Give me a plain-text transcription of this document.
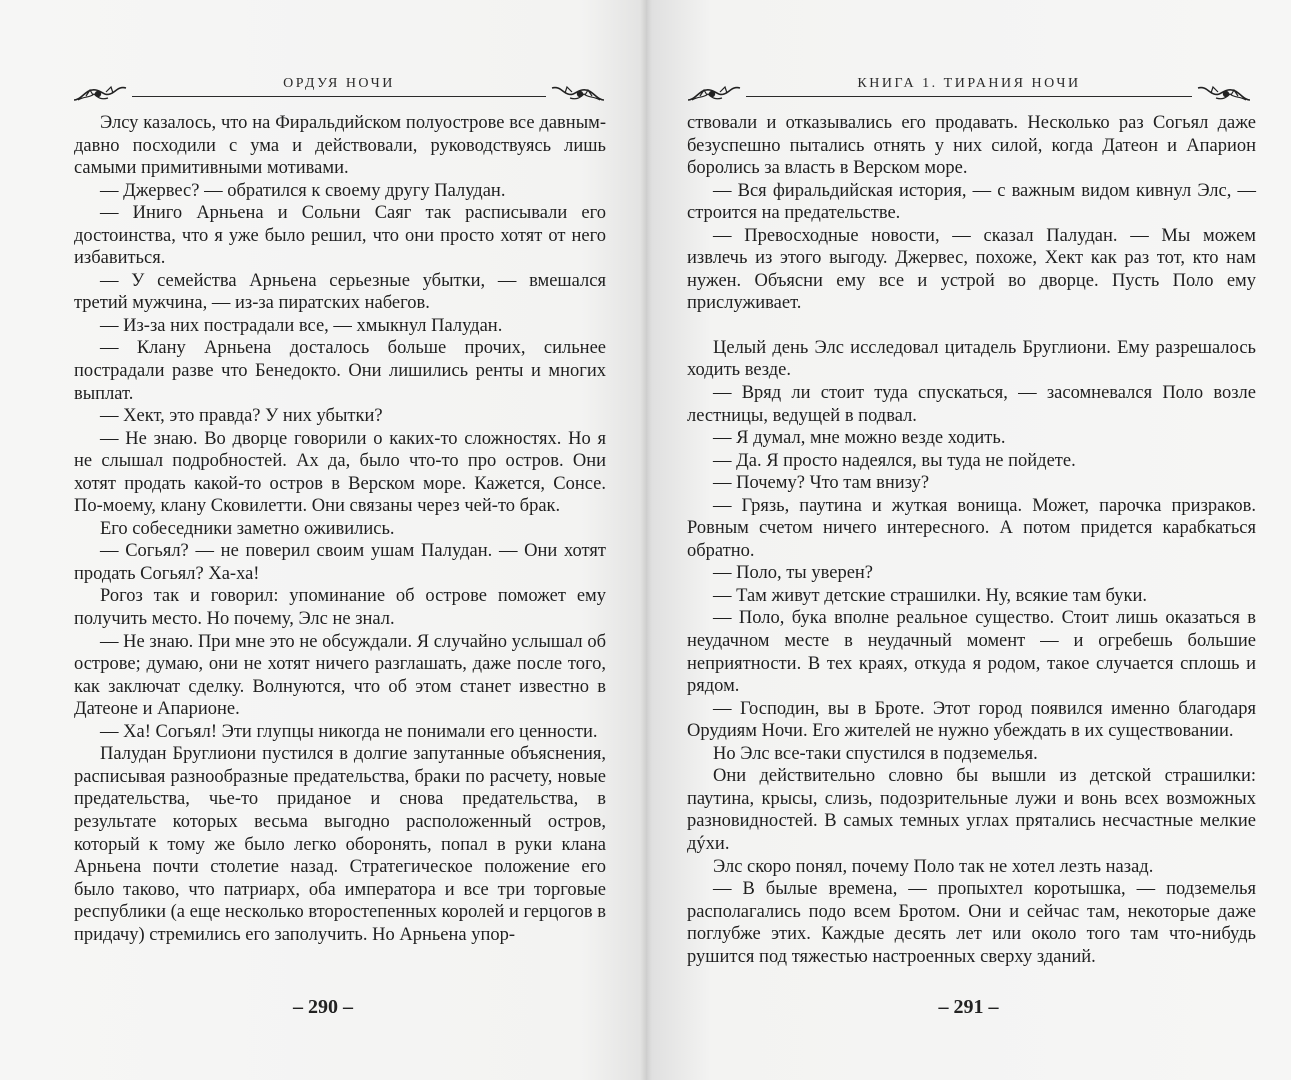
ОРДУЯ НОЧИ

Элсу казалось, что на Фиральдийском полуострове все давным-давно посходили с ума и действовали, руководствуясь лишь самыми примитивными мотивами.

— Джервес? — обратился к своему другу Палудан.

— Иниго Арньена и Сольни Саяг так расписывали его достоинства, что я уже было решил, что они просто хотят от него избавиться.

— У семейства Арньена серьезные убытки, — вмешался третий мужчина, — из-за пиратских набегов.

— Из-за них пострадали все, — хмыкнул Палудан.

— Клану Арньена досталось больше прочих, сильнее пострадали разве что Бенедокто. Они лишились ренты и многих выплат.

— Хект, это правда? У них убытки?

— Не знаю. Во дворце говорили о каких-то сложностях. Но я не слышал подробностей. Ах да, было что-то про остров. Они хотят продать какой-то остров в Верском море. Кажется, Сонсе. По-моему, клану Сковилетти. Они связаны через чей-то брак.

Его собеседники заметно оживились.

— Согьял? — не поверил своим ушам Палудан. — Они хотят продать Согьял? Ха-ха!

Рогоз так и говорил: упоминание об острове поможет ему получить место. Но почему, Элс не знал.

— Не знаю. При мне это не обсуждали. Я случайно услышал об острове; думаю, они не хотят ничего разглашать, даже после того, как заключат сделку. Волнуются, что об этом станет известно в Датеоне и Апарионе.

— Ха! Согьял! Эти глупцы никогда не понимали его ценности.

Палудан Бруглиони пустился в долгие запутанные объяснения, расписывая разнообразные предательства, браки по расчету, новые предательства, чье-то приданое и снова предательства, в результате которых весьма выгодно расположенный остров, который к тому же было легко оборонять, попал в руки клана Арньена почти столетие назад. Стратегическое положение его было таково, что патриарх, оба императора и все три торговые республики (а еще несколько второстепенных королей и герцогов в придачу) стремились его заполучить. Но Арньена упор-

– 290 –
КНИГА 1. ТИРАНИЯ НОЧИ

ствовали и отказывались его продавать. Несколько раз Согьял даже безуспешно пытались отнять у них силой, когда Датеон и Апарион боролись за власть в Верском море.

— Вся фиральдийская история, — с важным видом кивнул Элс, — строится на предательстве.

— Превосходные новости, — сказал Палудан. — Мы можем извлечь из этого выгоду. Джервес, похоже, Хект как раз тот, кто нам нужен. Объясни ему все и устрой во дворце. Пусть Поло ему прислуживает.

Целый день Элс исследовал цитадель Бруглиони. Ему разрешалось ходить везде.

— Вряд ли стоит туда спускаться, — засомневался Поло возле лестницы, ведущей в подвал.

— Я думал, мне можно везде ходить.

— Да. Я просто надеялся, вы туда не пойдете.

— Почему? Что там внизу?

— Грязь, паутина и жуткая вонища. Может, парочка призраков. Ровным счетом ничего интересного. А потом придется карабкаться обратно.

— Поло, ты уверен?

— Там живут детские страшилки. Ну, всякие там буки.

— Поло, бука вполне реальное существо. Стоит лишь оказаться в неудачном месте в неудачный момент — и огребешь большие неприятности. В тех краях, откуда я родом, такое случается сплошь и рядом.

— Господин, вы в Броте. Этот город появился именно благодаря Орудиям Ночи. Его жителей не нужно убеждать в их существовании.

Но Элс все-таки спустился в подземелья.

Они действительно словно бы вышли из детской страшилки: паутина, крысы, слизь, подозрительные лужи и вонь всех возможных разновидностей. В самых темных углах прятались несчастные мелкие дýхи.

Элс скоро понял, почему Поло так не хотел лезть назад.

— В былые времена, — пропыхтел коротышка, — подземелья располагались подо всем Бротом. Они и сейчас там, некоторые даже поглубже этих. Каждые десять лет или около того там что-нибудь рушится под тяжестью настроенных сверху зданий.

– 291 –
